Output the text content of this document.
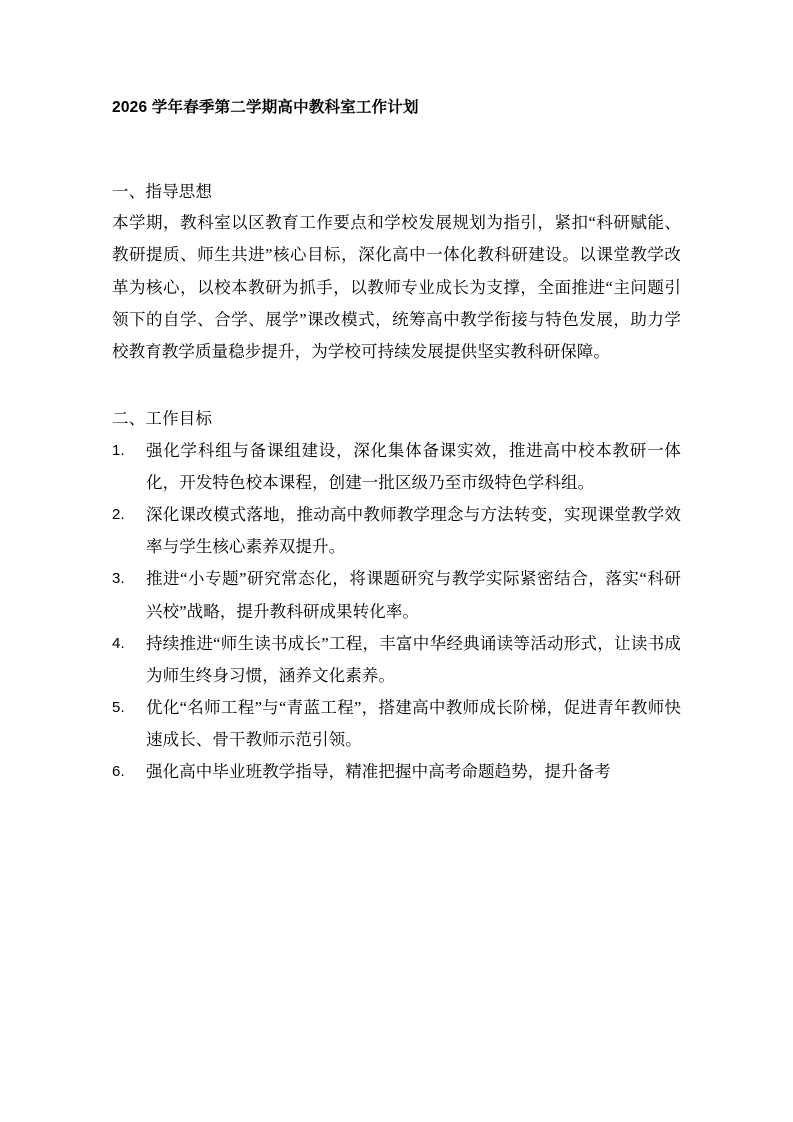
2026 学年春季第二学期高中教科室工作计划

一、指导思想

本学期，教科室以区教育工作要点和学校发展规划为指引，紧扣“科研赋能、教研提质、师生共进”核心目标，深化高中一体化教科研建设。以课堂教学改革为核心，以校本教研为抓手，以教师专业成长为支撑，全面推进“主问题引领下的自学、合学、展学”课改模式，统筹高中教学衔接与特色发展，助力学校教育教学质量稳步提升，为学校可持续发展提供坚实教科研保障。

二、工作目标

1.	强化学科组与备课组建设，深化集体备课实效，推进高中校本教研一体化，开发特色校本课程，创建一批区级乃至市级特色学科组。
2.	深化课改模式落地，推动高中教师教学理念与方法转变，实现课堂教学效率与学生核心素养双提升。
3.	推进“小专题”研究常态化，将课题研究与教学实际紧密结合，落实“科研兴校”战略，提升教科研成果转化率。
4.	持续推进“师生读书成长”工程，丰富中华经典诵读等活动形式，让读书成为师生终身习惯，涵养文化素养。
5.	优化“名师工程”与“青蓝工程”，搭建高中教师成长阶梯，促进青年教师快速成长、骨干教师示范引领。
6.	强化高中毕业班教学指导，精准把握中高考命题趋势，提升备考
